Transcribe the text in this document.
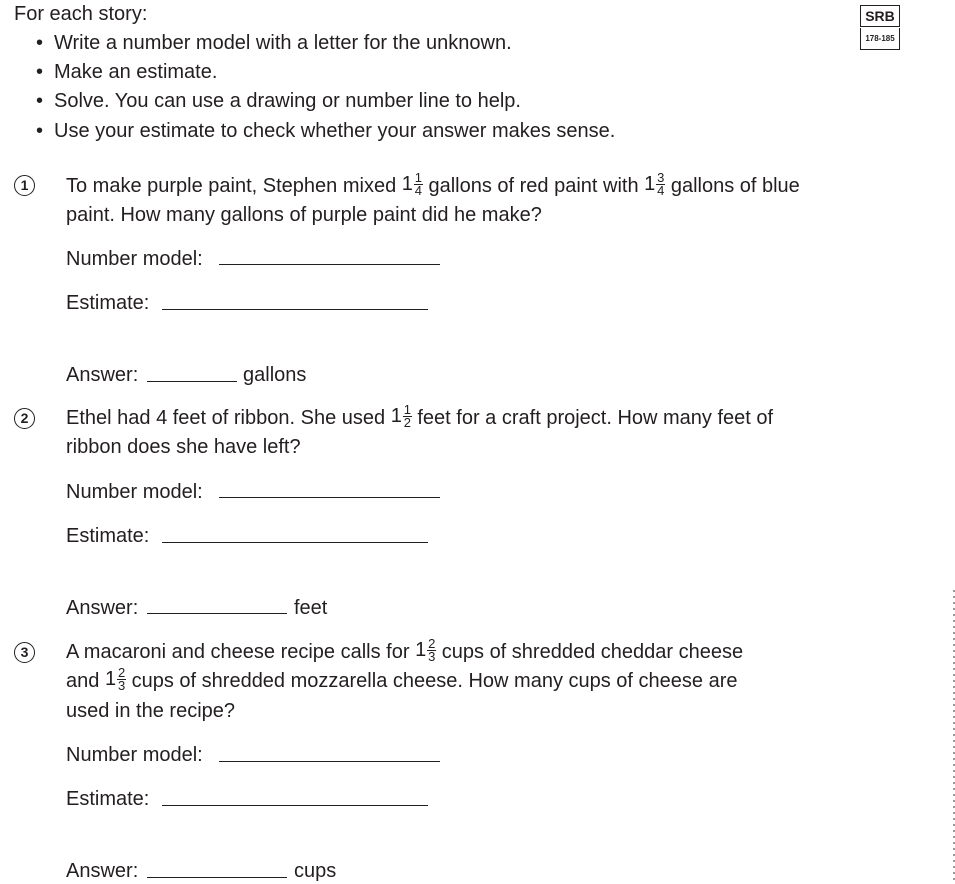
For each story:
• Write a number model with a letter for the unknown.
• Make an estimate.
• Solve. You can use a drawing or number line to help.
• Use your estimate to check whether your answer makes sense.
SRB
178-185
1	To make purple paint, Stephen mixed $1 \frac{1}{4}$ gallons of red paint with $1 \frac{3}{4}$ gallons of blue
paint. How many gallons of purple paint did he make?
Number model:
Estimate:
Answer:	gallons
2	Ethel had 4 feet of ribbon. She used $1 \frac{1}{2}$ feet for a craft project. How many feet of
ribbon does she have left?
Number model:
Estimate:
Answer:	feet
3	A macaroni and cheese recipe calls for $1 \frac{2}{3}$ cups of shredded cheddar cheese
and $1 \frac{2}{3}$ cups of shredded mozzarella cheese. How many cups of cheese are
used in the recipe?
Number model:
Estimate:
Answer:	cups
